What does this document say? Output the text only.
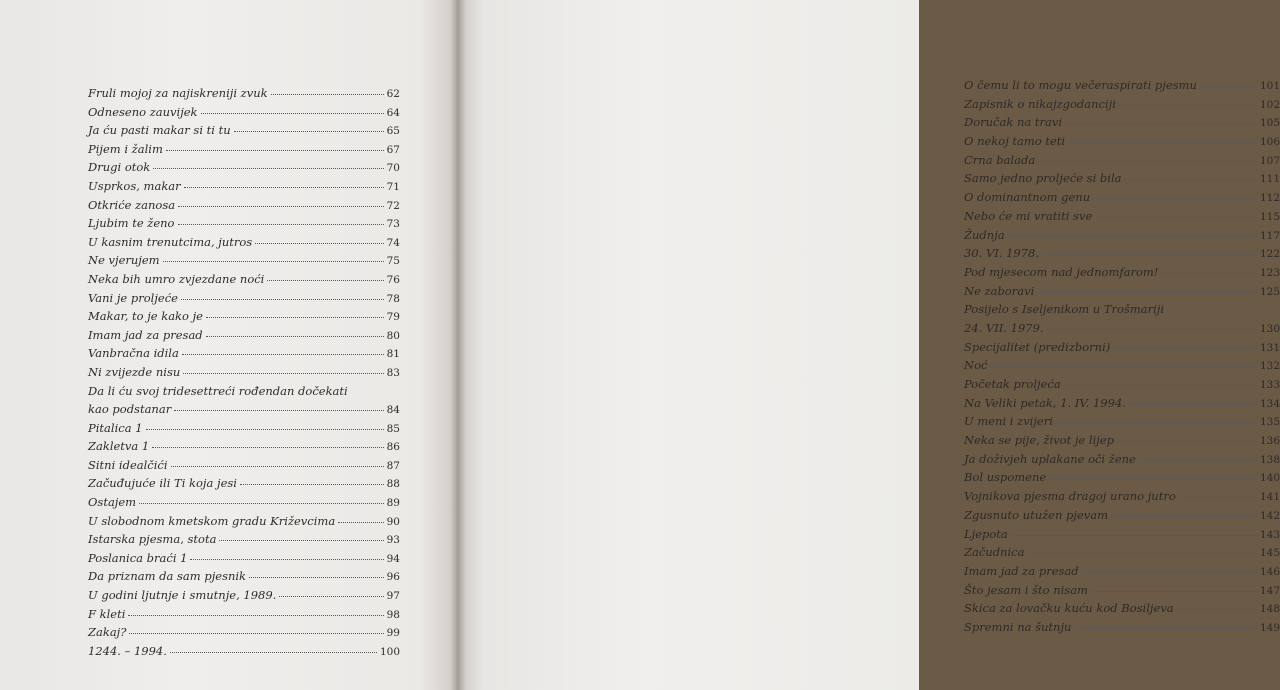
Fruli mojoj za najiskreniji zvuk	62
Odneseno zauvijek	64
Ja ću pasti makar si ti tu	65
Pijem i žalim	67
Drugi otok	70
Usprkos, makar	71
Otkriće zanosa	72
Ljubim te ženo	73
U kasnim trenutcima, jutros	74
Ne vjerujem	75
Neka bih umro zvjezdane noći	76
Vani je proljeće	78
Makar, to je kako je	79
Imam jad za presad	80
Vanbračna idila	81
Ni zvijezde nisu	83
Da li ću svoj tridesettreći rođendan dočekati
kao podstanar	84
Pitalica 1	85
Zakletva 1	86
Sitni idealčići	87
Začuđujuće ili Ti koja jesi	88
Ostajem	89
U slobodnom kmetskom gradu Križevcima	90
Istarska pjesma, stota	93
Poslanica braći 1	94
Da priznam da sam pjesnik	96
U godini ljutnje i smutnje, 1989.	97
F kleti	98
Zakaj?	99
1244. – 1994.	100
O čemu li to mogu večeraspirati pjesmu	101
Zapisnik o nikajzgodanciji	102
Doručak na travi	105
O nekoj tamo teti	106
Crna balada	107
Samo jedno proljeće si bila	111
O dominantnom genu	112
Nebo će mi vratiti sve	115
Žudnja	117
30. VI. 1978.	122
Pod mjesecom nad jednomfarom!	123
Ne zaboravi	125
Posijelo s Iseljenikom u Trošmariji
24. VII. 1979.	130
Specijalitet (predizborni)	131
Noć	132
Početak proljeća	133
Na Veliki petak, 1. IV. 1994.	134
U meni i zvijeri	135
Neka se pije, život je lijep	136
Ja doživjeh uplakane oči žene	138
Bol uspomene	140
Vojnikova pjesma dragoj urano jutro	141
Zgusnuto utužen pjevam	142
Ljepota	143
Začudnica	145
Imam jad za presad	146
Što jesam i što nisam	147
Skica za lovačku kuću kod Bosiljeva	148
Spremni na šutnju	149
